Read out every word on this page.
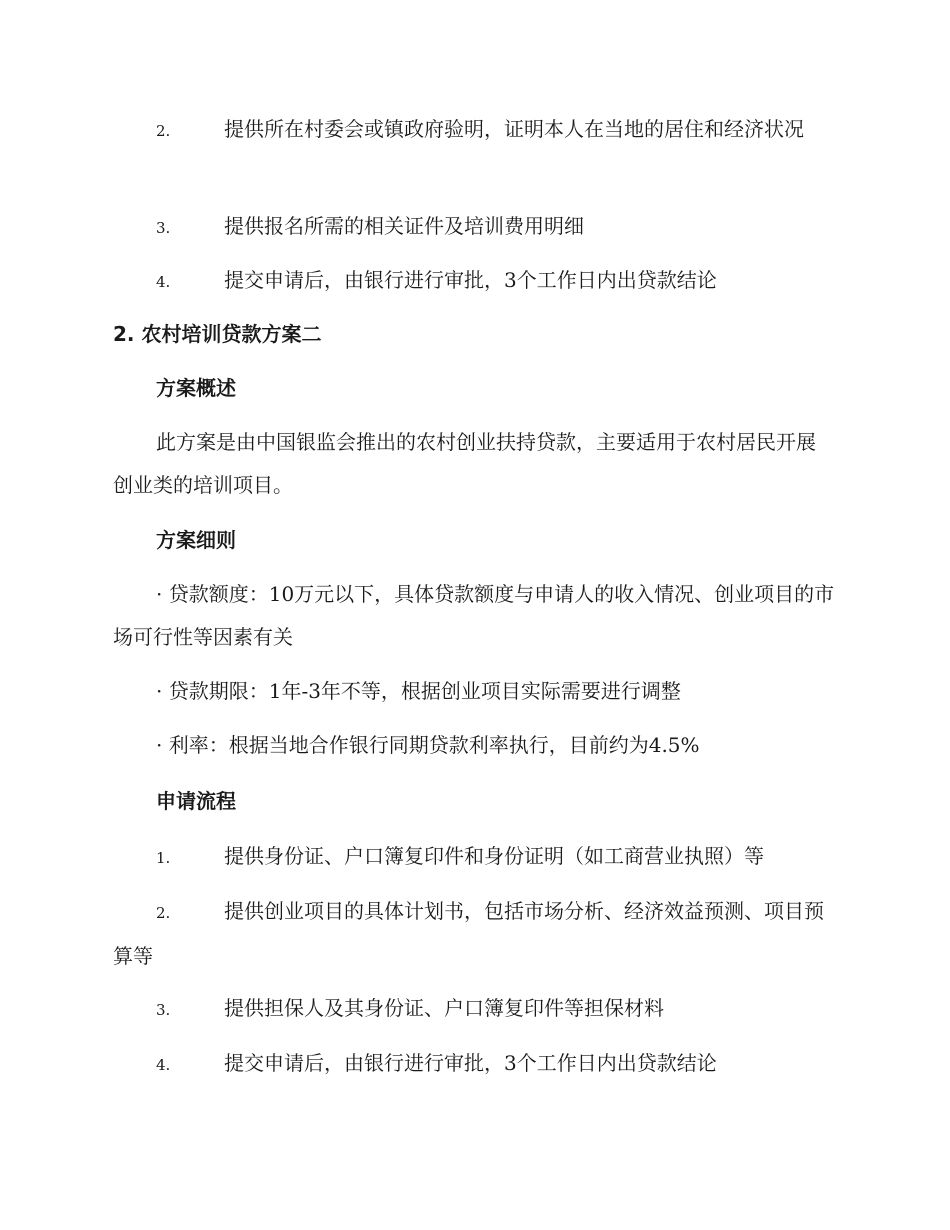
2.	提供所在村委会或镇政府验明，证明本人在当地的居住和经济状况

3.	提供报名所需的相关证件及培训费用明细

4.	提交申请后，由银行进行审批，3个工作日内出贷款结论

2. 农村培训贷款方案二

方案概述

此方案是由中国银监会推出的农村创业扶持贷款，主要适用于农村居民开展创业类的培训项目。

方案细则

· 贷款额度：10万元以下，具体贷款额度与申请人的收入情况、创业项目的市场可行性等因素有关

· 贷款期限：1年-3年不等，根据创业项目实际需要进行调整

· 利率：根据当地合作银行同期贷款利率执行，目前约为4.5%

申请流程

1.	提供身份证、户口簿复印件和身份证明（如工商营业执照）等

2.	提供创业项目的具体计划书，包括市场分析、经济效益预测、项目预算等

3.	提供担保人及其身份证、户口簿复印件等担保材料

4.	提交申请后，由银行进行审批，3个工作日内出贷款结论
